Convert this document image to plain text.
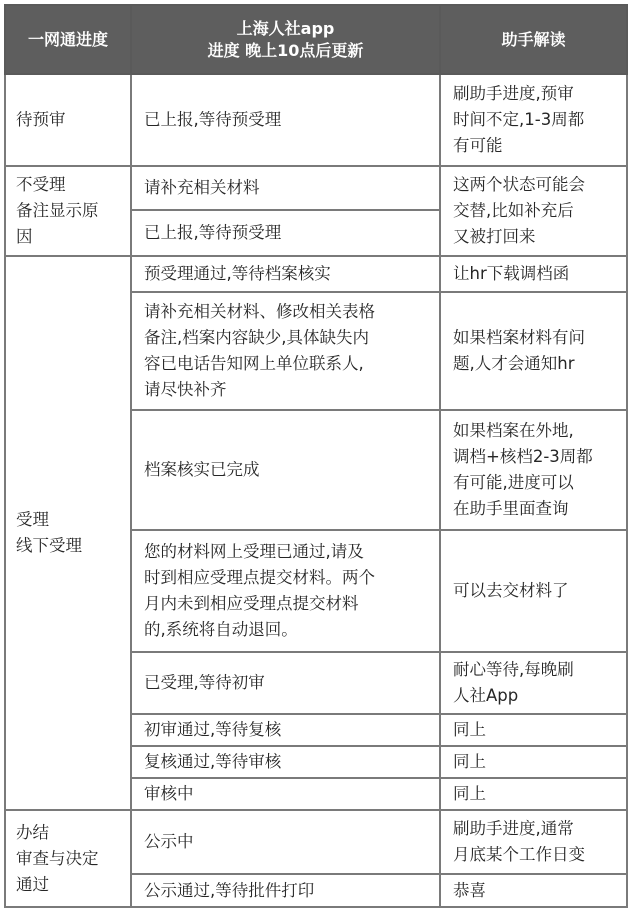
一网通进度	上海人社app
进度 晚上10点后更新	助手解读

待预审	已上报,等待预受理	刷助手进度,预审
时间不定,1-3周都
有可能

不受理
备注显示原
因	请补充相关材料	这两个状态可能会
交替,比如补充后
又被打回来

	已上报,等待预受理	

受理
线下受理	预受理通过,等待档案核实	让hr下载调档函

	请补充相关材料、修改相关表格
备注,档案内容缺少,具体缺失内
容已电话告知网上单位联系人,
请尽快补齐	如果档案材料有问
题,人才会通知hr

	档案核实已完成	如果档案在外地,
调档+核档2-3周都
有可能,进度可以
在助手里面查询

	您的材料网上受理已通过,请及
时到相应受理点提交材料。两个
月内未到相应受理点提交材料
的,系统将自动退回。	可以去交材料了

	已受理,等待初审	耐心等待,每晚刷
人社App

	初审通过,等待复核	同上

	复核通过,等待审核	同上

	审核中	同上

办结
审查与决定
通过	公示中	刷助手进度,通常
月底某个工作日变

	公示通过,等待批件打印	恭喜
